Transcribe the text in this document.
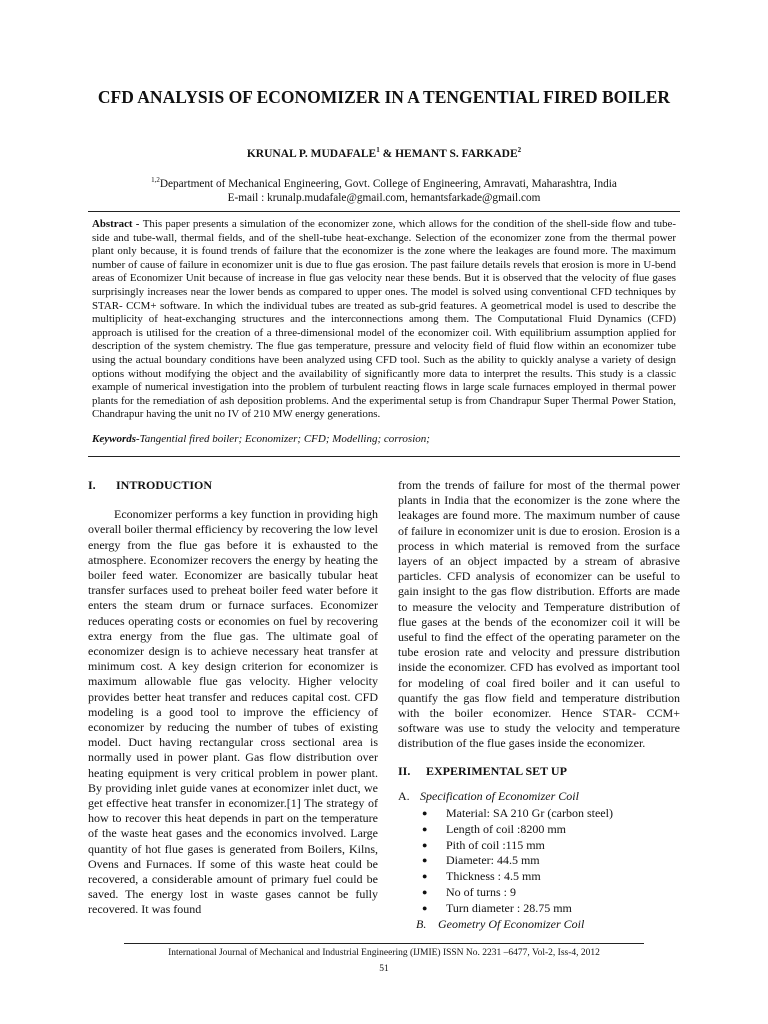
CFD ANALYSIS OF ECONOMIZER IN A TENGENTIAL FIRED BOILER
KRUNAL P. MUDAFALE$^1$ & HEMANT S. FARKADE$^2$
$^{1,2}$Department of Mechanical Engineering, Govt. College of Engineering, Amravati, Maharashtra, India
E-mail : krunalp.mudafale@gmail.com, hemantsfarkade@gmail.com
Abstract - This paper presents a simulation of the economizer zone, which allows for the condition of the shell-side flow and tube-side and tube-wall, thermal fields, and of the shell-tube heat-exchange. Selection of the economizer zone from the thermal power plant only because, it is found trends of failure that the economizer is the zone where the leakages are found more. The maximum number of cause of failure in economizer unit is due to flue gas erosion. The past failure details revels that erosion is more in U-bend areas of Economizer Unit because of increase in flue gas velocity near these bends. But it is observed that the velocity of flue gases surprisingly increases near the lower bends as compared to upper ones. The model is solved using conventional CFD techniques by STAR- CCM+ software. In which the individual tubes are treated as sub-grid features. A geometrical model is used to describe the multiplicity of heat-exchanging structures and the interconnections among them. The Computational Fluid Dynamics (CFD) approach is utilised for the creation of a three-dimensional model of the economizer coil. With equilibrium assumption applied for description of the system chemistry. The flue gas temperature, pressure and velocity field of fluid flow within an economizer tube using the actual boundary conditions have been analyzed using CFD tool. Such as the ability to quickly analyse a variety of design options without modifying the object and the availability of significantly more data to interpret the results. This study is a classic example of numerical investigation into the problem of turbulent reacting flows in large scale furnaces employed in thermal power plants for the remediation of ash deposition problems. And the experimental setup is from Chandrapur Super Thermal Power Station, Chandrapur having the unit no IV of 210 MW energy generations.
Keywords-Tangential fired boiler; Economizer; CFD; Modelling; corrosion;
I. INTRODUCTION

Economizer performs a key function in providing high overall boiler thermal efficiency by recovering the low level energy from the flue gas before it is exhausted to the atmosphere. Economizer recovers the energy by heating the boiler feed water. Economizer are basically tubular heat transfer surfaces used to preheat boiler feed water before it enters the steam drum or furnace surfaces. Economizer reduces operating costs or economies on fuel by recovering extra energy from the flue gas. The ultimate goal of economizer design is to achieve necessary heat transfer at minimum cost. A key design criterion for economizer is maximum allowable flue gas velocity. Higher velocity provides better heat transfer and reduces capital cost. CFD modeling is a good tool to improve the efficiency of economizer by reducing the number of tubes of existing model. Duct having rectangular cross sectional area is normally used in power plant. Gas flow distribution over heating equipment is very critical problem in power plant. By providing inlet guide vanes at economizer inlet duct, we get effective heat transfer in economizer.[1] The strategy of how to recover this heat depends in part on the temperature of the waste heat gases and the economics involved. Large quantity of hot flue gases is generated from Boilers, Kilns, Ovens and Furnaces. If some of this waste heat could be recovered, a considerable amount of primary fuel could be saved. The energy lost in waste gases cannot be fully recovered. It was found

from the trends of failure for most of the thermal power plants in India that the economizer is the zone where the leakages are found more. The maximum number of cause of failure in economizer unit is due to erosion. Erosion is a process in which material is removed from the surface layers of an object impacted by a stream of abrasive particles. CFD analysis of economizer can be useful to gain insight to the gas flow distribution. Efforts are made to measure the velocity and Temperature distribution of flue gases at the bends of the economizer coil it will be useful to find the effect of the operating parameter on the tube erosion rate and velocity and pressure distribution inside the economizer. CFD has evolved as important tool for modeling of coal fired boiler and it can useful to quantify the gas flow field and temperature distribution with the boiler economizer. Hence STAR- CCM+ software was use to study the velocity and temperature distribution of the flue gases inside the economizer.

II. EXPERIMENTAL SET UP
A. Specification of Economizer Coil
● Material: SA 210 Gr (carbon steel)
● Length of coil :8200 mm
● Pith of coil :115 mm
● Diameter: 44.5 mm
● Thickness : 4.5 mm
● No of turns : 9
● Turn diameter : 28.75 mm
B. Geometry Of Economizer Coil
International Journal of Mechanical and Industrial Engineering (IJMIE) ISSN No. 2231 –6477, Vol-2, Iss-4, 2012
51
